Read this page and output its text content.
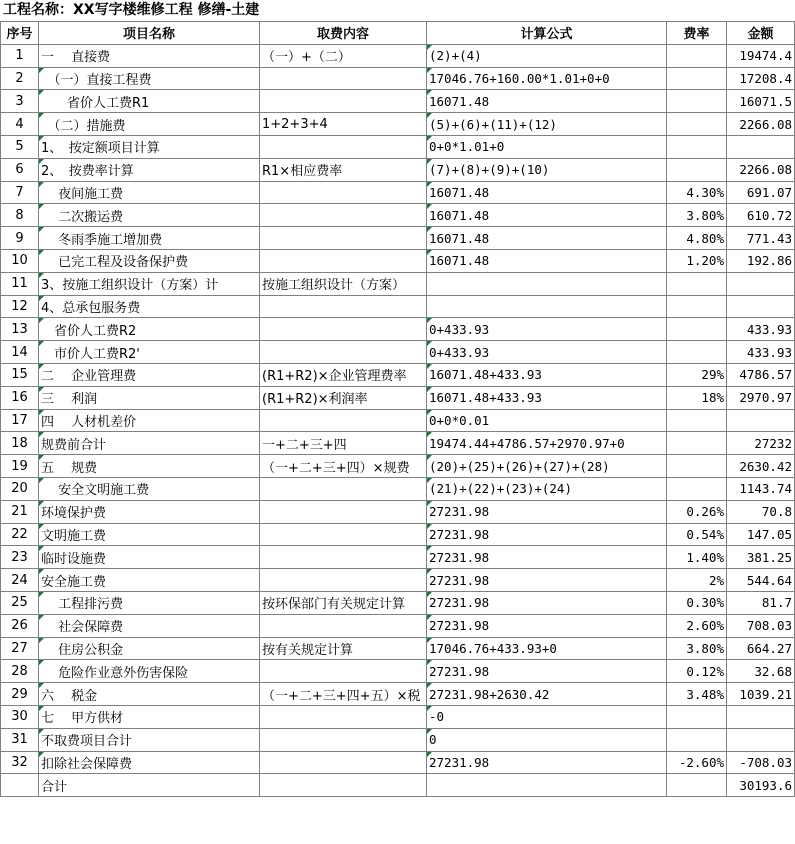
工程名称：XX写字楼维修工程 修缮-土建
序号	项目名称	取费内容	计算公式	费率	金额
1	一　 直接费	（一）+（二）	(2)+(4)		19474.4
2	　（一）直接工程费		17046.76+160.00*1.01+0+0		17208.4
3	　　省价人工费R1		16071.48		16071.5
4	　（二）措施费	1+2+3+4	(5)+(6)+(11)+(12)		2266.08
5	1、　按定额项目计算		0+0*1.01+0		
6	2、　按费率计算	R1×相应费率	(7)+(8)+(9)+(10)		2266.08
7	　 夜间施工费		16071.48	4.30%	691.07
8	　 二次搬运费		16071.48	3.80%	610.72
9	　 冬雨季施工增加费		16071.48	4.80%	771.43
10	　 已完工程及设备保护费		16071.48	1.20%	192.86
11	3、按施工组织设计（方案）计	按施工组织设计（方案）			
12	4、总承包服务费				
13	　省价人工费R2		0+433.93		433.93
14	　市价人工费R2'		0+433.93		433.93
15	二　 企业管理费	(R1+R2)×企业管理费率	16071.48+433.93	29%	4786.57
16	三　 利润	(R1+R2)×利润率	16071.48+433.93	18%	2970.97
17	四　 人材机差价		0+0*0.01		
18	规费前合计	一+二+三+四	19474.44+4786.57+2970.97+0		27232
19	五　 规费	（一+二+三+四）×规费	(20)+(25)+(26)+(27)+(28)		2630.42
20	　 安全文明施工费		(21)+(22)+(23)+(24)		1143.74
21	环境保护费		27231.98	0.26%	70.8
22	文明施工费		27231.98	0.54%	147.05
23	临时设施费		27231.98	1.40%	381.25
24	安全施工费		27231.98	2%	544.64
25	　 工程排污费	按环保部门有关规定计算	27231.98	0.30%	81.7
26	　 社会保障费		27231.98	2.60%	708.03
27	　 住房公积金	按有关规定计算	17046.76+433.93+0	3.80%	664.27
28	　 危险作业意外伤害保险		27231.98	0.12%	32.68
29	六　 税金	（一+二+三+四+五）×税	27231.98+2630.42	3.48%	1039.21
30	七　 甲方供材		-0		
31	不取费项目合计		0		
32	扣除社会保障费		27231.98	-2.60%	-708.03
	合计				30193.6
